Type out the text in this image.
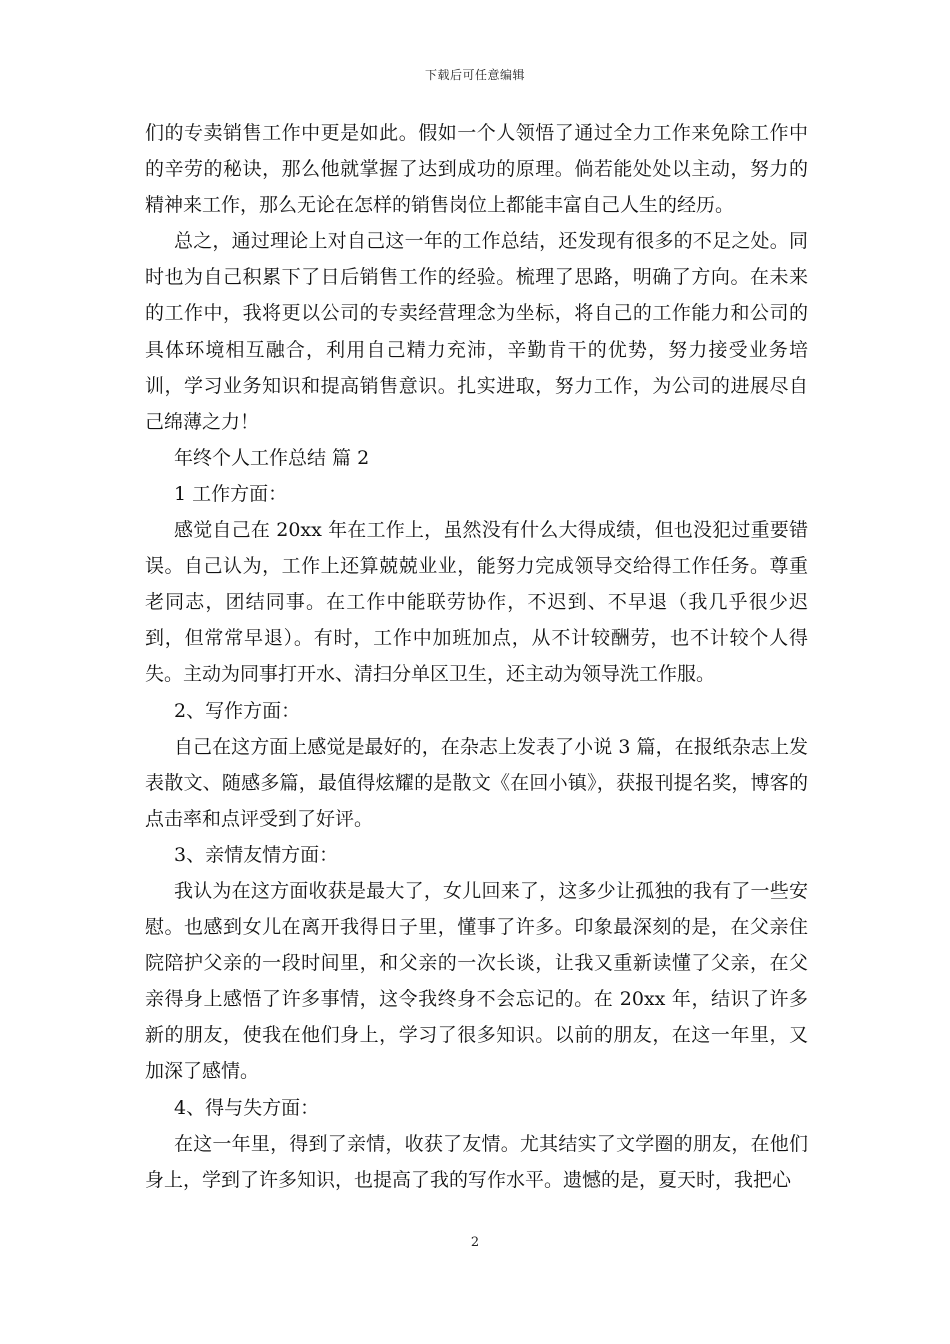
下载后可任意编辑

们的专卖销售工作中更是如此。假如一个人领悟了通过全力工作来免除工作中的辛劳的秘诀，那么他就掌握了达到成功的原理。倘若能处处以主动，努力的精神来工作，那么无论在怎样的销售岗位上都能丰富自己人生的经历。

总之，通过理论上对自己这一年的工作总结，还发现有很多的不足之处。同时也为自己积累下了日后销售工作的经验。梳理了思路，明确了方向。在未来的工作中，我将更以公司的专卖经营理念为坐标，将自己的工作能力和公司的具体环境相互融合，利用自己精力充沛，辛勤肯干的优势，努力接受业务培训，学习业务知识和提高销售意识。扎实进取，努力工作，为公司的进展尽自己绵薄之力！

年终个人工作总结 篇 2

1 工作方面：

感觉自己在 20xx 年在工作上，虽然没有什么大得成绩，但也没犯过重要错误。自己认为，工作上还算兢兢业业，能努力完成领导交给得工作任务。尊重老同志，团结同事。在工作中能联劳协作，不迟到、不早退（我几乎很少迟到，但常常早退）。有时，工作中加班加点，从不计较酬劳，也不计较个人得失。主动为同事打开水、清扫分单区卫生，还主动为领导洗工作服。

2、写作方面：

自己在这方面上感觉是最好的，在杂志上发表了小说 3 篇，在报纸杂志上发表散文、随感多篇，最值得炫耀的是散文《在回小镇》，获报刊提名奖，博客的点击率和点评受到了好评。

3、亲情友情方面：

我认为在这方面收获是最大了，女儿回来了，这多少让孤独的我有了一些安慰。也感到女儿在离开我得日子里，懂事了许多。印象最深刻的是，在父亲住院陪护父亲的一段时间里，和父亲的一次长谈，让我又重新读懂了父亲，在父亲得身上感悟了许多事情，这令我终身不会忘记的。在 20xx 年，结识了许多新的朋友，使我在他们身上，学习了很多知识。以前的朋友，在这一年里，又加深了感情。

4、得与失方面：

在这一年里，得到了亲情，收获了友情。尤其结实了文学圈的朋友，在他们身上，学到了许多知识，也提高了我的写作水平。遗憾的是，夏天时，我把心

2
